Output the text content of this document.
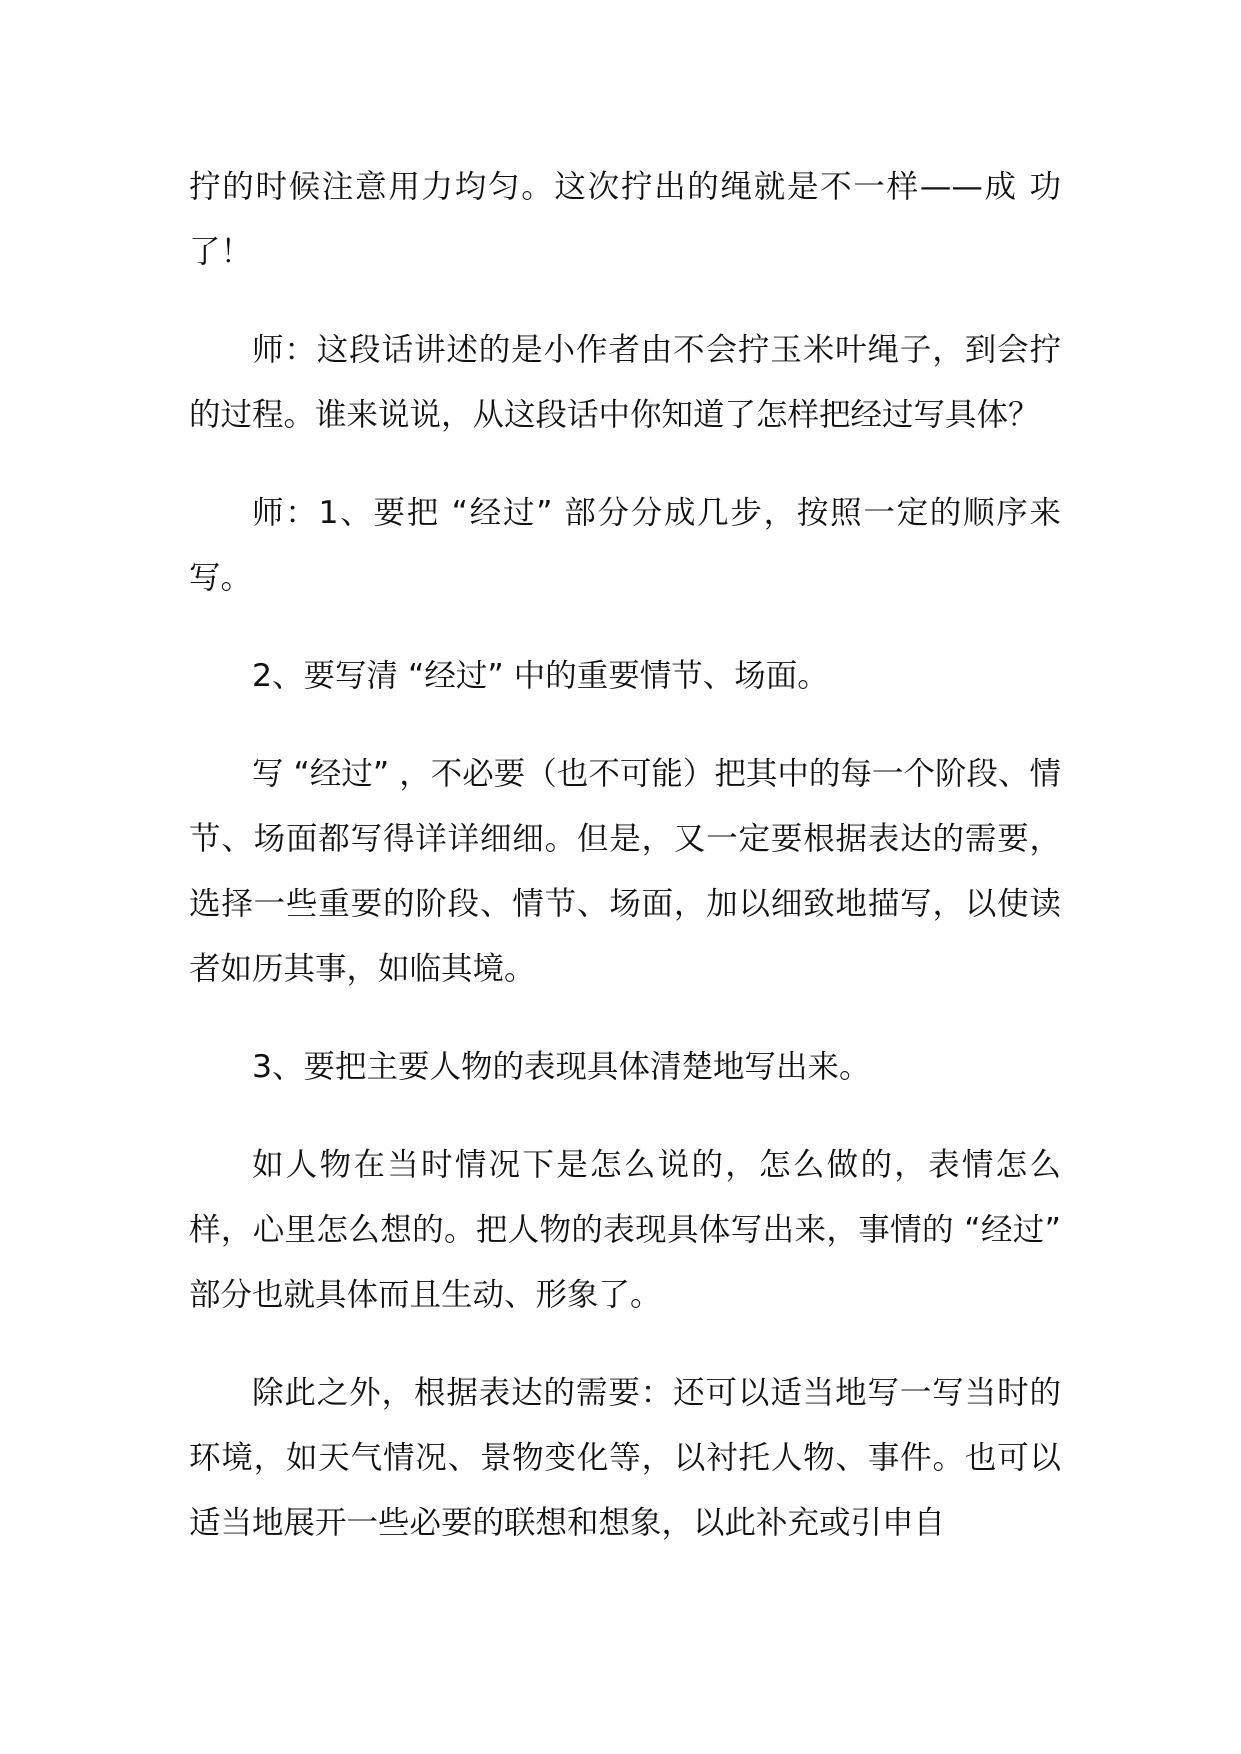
拧的时候注意用力均匀。这次拧出的绳就是不一样——成 功了！

师：这段话讲述的是小作者由不会拧玉米叶绳子，到会拧的过程。谁来说说，从这段话中你知道了怎样把经过写具体？

师：1、要把 “经过” 部分分成几步，按照一定的顺序来写。

2、要写清 “经过” 中的重要情节、场面。

写 “经过” ，不必要（也不可能）把其中的每一个阶段、情节、场面都写得详详细细。但是，又一定要根据表达的需要，选择一些重要的阶段、情节、场面，加以细致地描写，以使读者如历其事，如临其境。

3、要把主要人物的表现具体清楚地写出来。

如人物在当时情况下是怎么说的，怎么做的，表情怎么样，心里怎么想的。把人物的表现具体写出来，事情的 “经过” 部分也就具体而且生动、形象了。

除此之外，根据表达的需要：还可以适当地写一写当时的环境，如天气情况、景物变化等，以衬托人物、事件。也可以适当地展开一些必要的联想和想象，以此补充或引申自
